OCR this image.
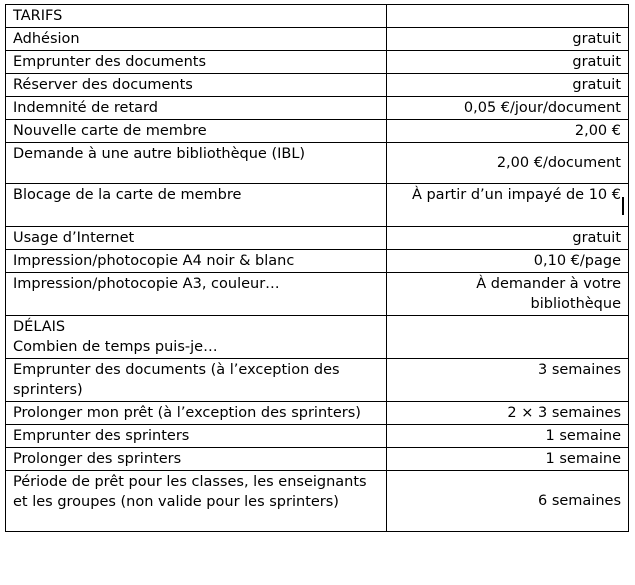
TARIFS	
Adhésion	gratuit
Emprunter des documents	gratuit
Réserver des documents	gratuit
Indemnité de retard	0,05 €/jour/document
Nouvelle carte de membre	2,00 €
Demande à une autre bibliothèque (IBL)	2,00 €/document
Blocage de la carte de membre	À partir d’un impayé de 10 €
Usage d’Internet	gratuit
Impression/photocopie A4 noir & blanc	0,10 €/page
Impression/photocopie A3, couleur…	À demander à votre bibliothèque

DÉLAIS
Combien de temps puis-je…	

Emprunter des documents (à l’exception des sprinters)	3 semaines
Prolonger mon prêt (à l’exception des sprinters)	2 × 3 semaines
Emprunter des sprinters	1 semaine
Prolonger des sprinters	1 semaine
Période de prêt pour les classes, les enseignants et les groupes (non valide pour les sprinters)	6 semaines
